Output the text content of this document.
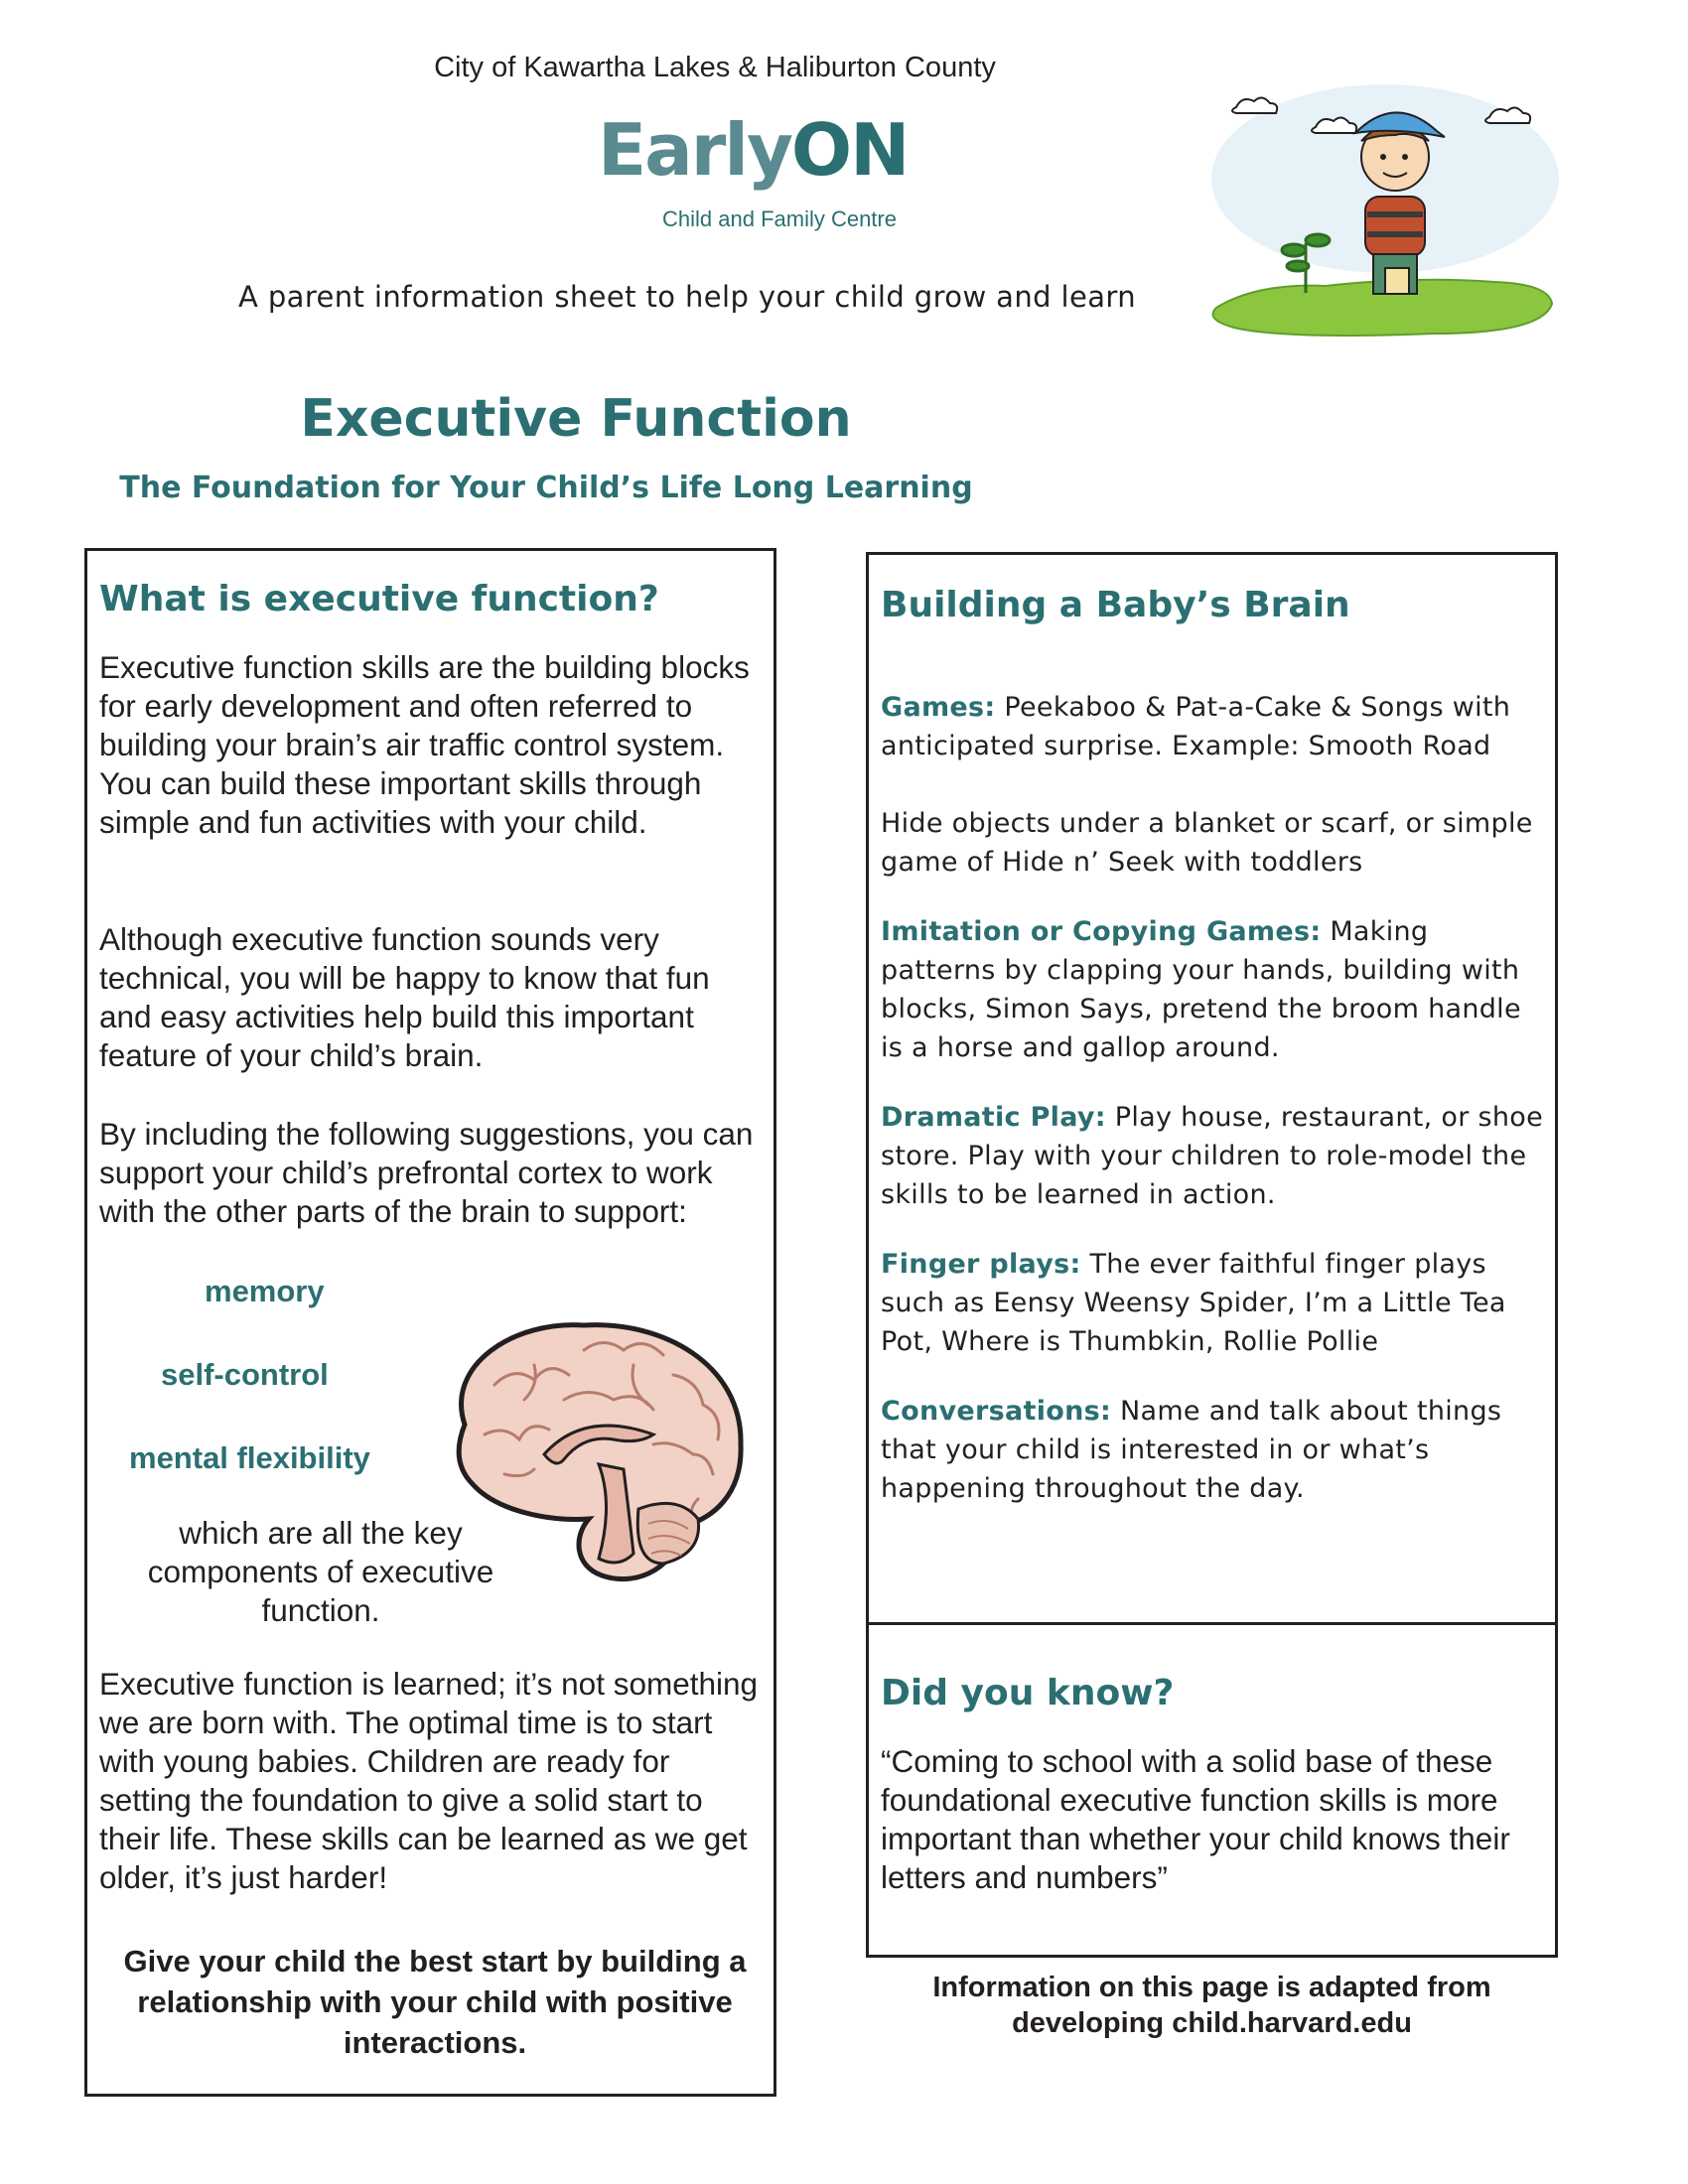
City of Kawartha Lakes & Haliburton County
EarlyON
Child and Family Centre
A parent information sheet to help your child grow and learn
Executive Function
The Foundation for Your Child’s Life Long Learning
What is executive function?
Executive function skills are the building blocks for early development and often referred to building your brain’s air traffic control system. You can build these important skills through simple and fun activities with your child.
Although executive function sounds very technical, you will be happy to know that fun and easy activities help build this important feature of your child’s brain.
By including the following suggestions, you can support your child’s prefrontal cortex to work with the other parts of the brain to support:
memory
self-control
mental flexibility
which are all the key components of executive function.
Executive function is learned; it’s not something we are born with. The optimal time is to start with young babies. Children are ready for setting the foundation to give a solid start to their life. These skills can be learned as we get older, it’s just harder!
Give your child the best start by building a relationship with your child with positive interactions.
Building a Baby’s Brain
Games: Peekaboo & Pat-a-Cake & Songs with anticipated surprise. Example: Smooth Road
Hide objects under a blanket or scarf, or simple game of Hide n’ Seek with toddlers
Imitation or Copying Games: Making patterns by clapping your hands, building with blocks, Simon Says, pretend the broom handle is a horse and gallop around.
Dramatic Play: Play house, restaurant, or shoe store. Play with your children to role-model the skills to be learned in action.
Finger plays: The ever faithful finger plays such as Eensy Weensy Spider, I’m a Little Tea Pot, Where is Thumbkin, Rollie Pollie
Conversations: Name and talk about things that your child is interested in or what’s happening throughout the day.
Did you know?
“Coming to school with a solid base of these foundational executive function skills is more important than whether your child knows their letters and numbers”
Information on this page is adapted from developing child.harvard.edu
